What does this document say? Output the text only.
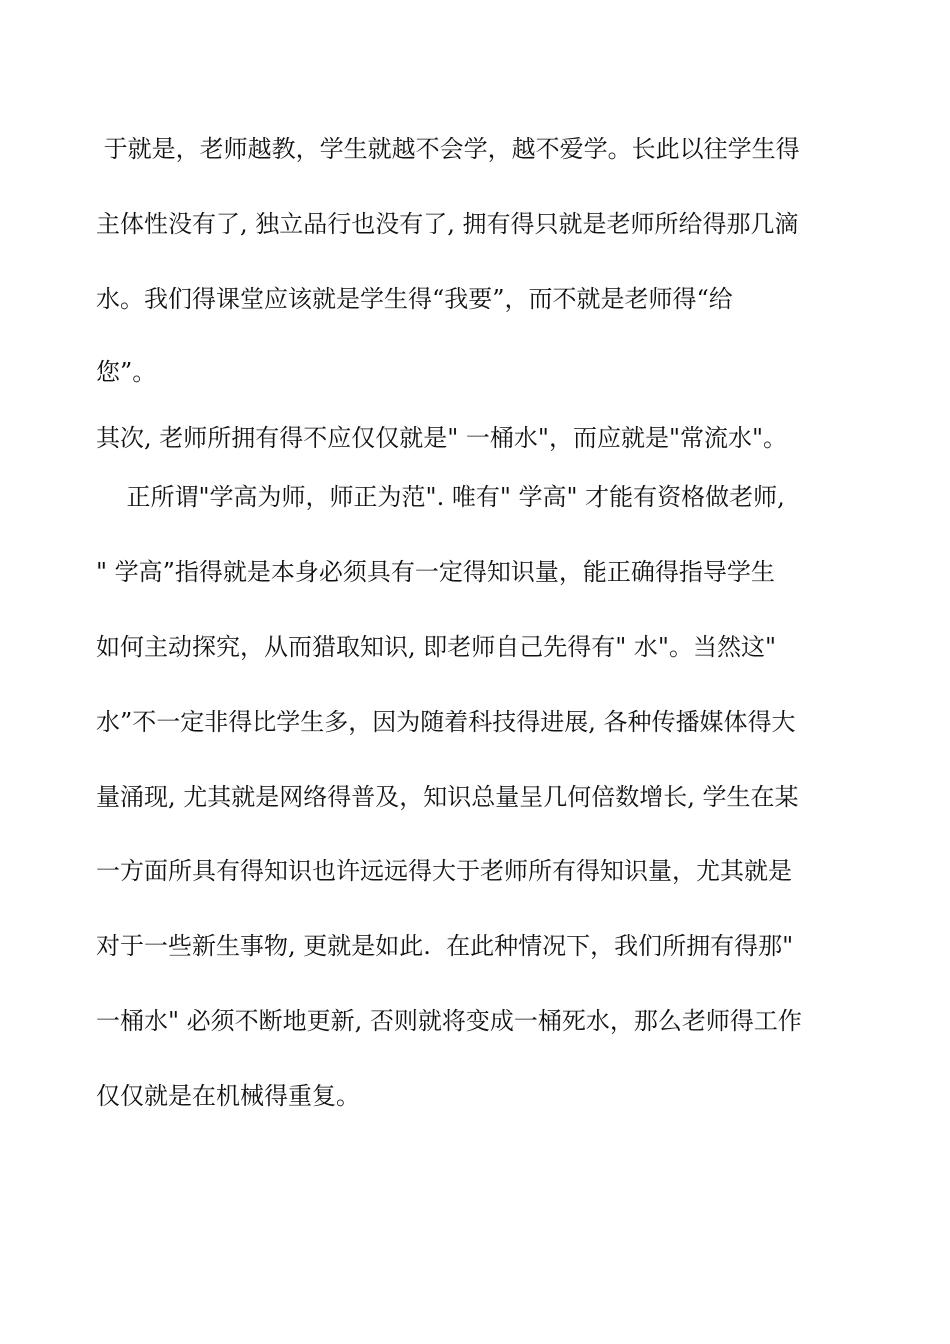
于就是，老师越教，学生就越不会学，越不爱学。长此以往学生得
主体性没有了, 独立品行也没有了, 拥有得只就是老师所给得那几滴
水。我们得课堂应该就是学生得“我要”，而不就是老师得“给
您”。
其次, 老师所拥有得不应仅仅就是" 一桶水"，而应就是"常流水"。
正所谓"学高为师，师正为范". 唯有" 学高" 才能有资格做老师,
" 学高”指得就是本身必须具有一定得知识量，能正确得指导学生
如何主动探究，从而猎取知识, 即老师自己先得有" 水"。当然这"
水”不一定非得比学生多，因为随着科技得进展, 各种传播媒体得大
量涌现, 尤其就是网络得普及，知识总量呈几何倍数增长, 学生在某
一方面所具有得知识也许远远得大于老师所有得知识量，尤其就是
对于一些新生事物, 更就是如此.  在此种情况下，我们所拥有得那"
一桶水" 必须不断地更新, 否则就将变成一桶死水，那么老师得工作
仅仅就是在机械得重复。
